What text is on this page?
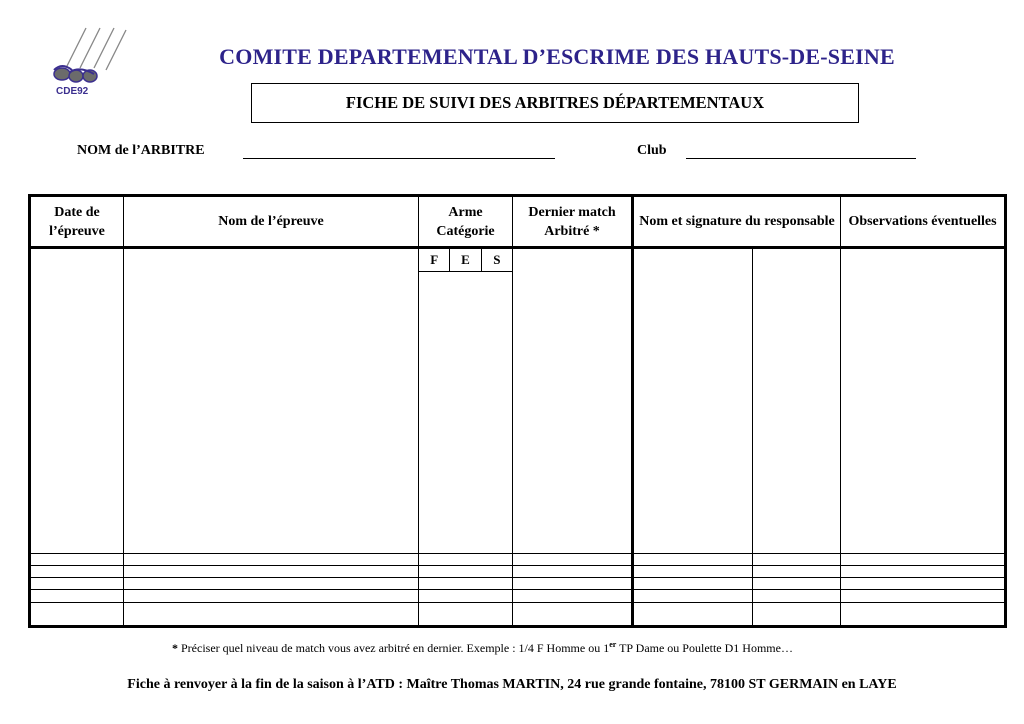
CDE92
COMITE DEPARTEMENTAL D’ESCRIME DES HAUTS-DE-SEINE
FICHE DE SUIVI DES ARBITRES DÉPARTEMENTAUX
NOM de l’ARBITRE	Club
Date de l’épreuve	Nom de l’épreuve	Arme Catégorie	Dernier match Arbitré *	Nom et signature du responsable		Observations éventuelles

		F E S				

* Préciser quel niveau de match vous avez arbitré en dernier. Exemple : 1/4 F Homme ou 1er TP Dame ou Poulette D1 Homme…
Fiche à renvoyer à la fin de la saison à l’ATD : Maître Thomas MARTIN, 24 rue grande fontaine, 78100 ST GERMAIN en LAYE
